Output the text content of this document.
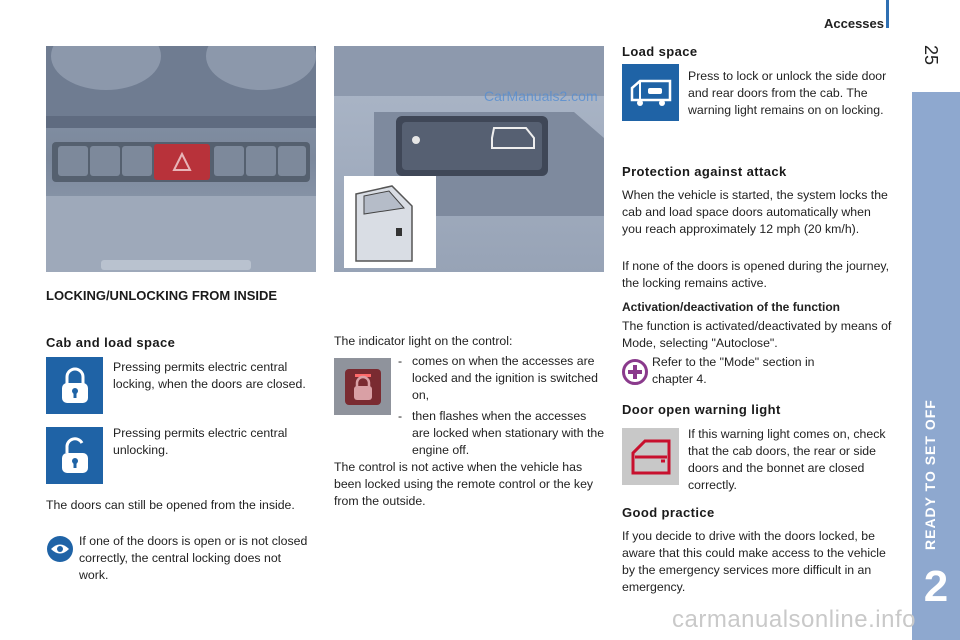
Accesses
25
READY TO SET OFF
2
CarManuals2.com
LOCKING/UNLOCKING FROM INSIDE
Cab and load space
Pressing permits electric central locking, when the doors are closed.
Pressing permits electric central unlocking.
The doors can still be opened from the inside.
If one of the doors is open or is not closed correctly, the central locking does not work.
The indicator light on the control:
- comes on when the accesses are locked and the ignition is switched on,
- then flashes when the accesses are locked when stationary with the engine off.
The control is not active when the vehicle has been locked using the remote control or the key from the outside.
Load space
Press to lock or unlock the side door and rear doors from the cab. The warning light remains on on locking.
Protection against attack
When the vehicle is started, the system locks the cab and load space doors automatically when you reach approximately 12 mph (20 km/h).
If none of the doors is opened during the journey, the locking remains active.
Activation/deactivation of the function
The function is activated/deactivated by means of Mode, selecting "Autoclose".
Refer to the "Mode" section in chapter 4.
Door open warning light
If this warning light comes on, check that the cab doors, the rear or side doors and the bonnet are closed correctly.
Good practice
If you decide to drive with the doors locked, be aware that this could make access to the vehicle by the emergency services more difficult in an emergency.
carmanualsonline.info
